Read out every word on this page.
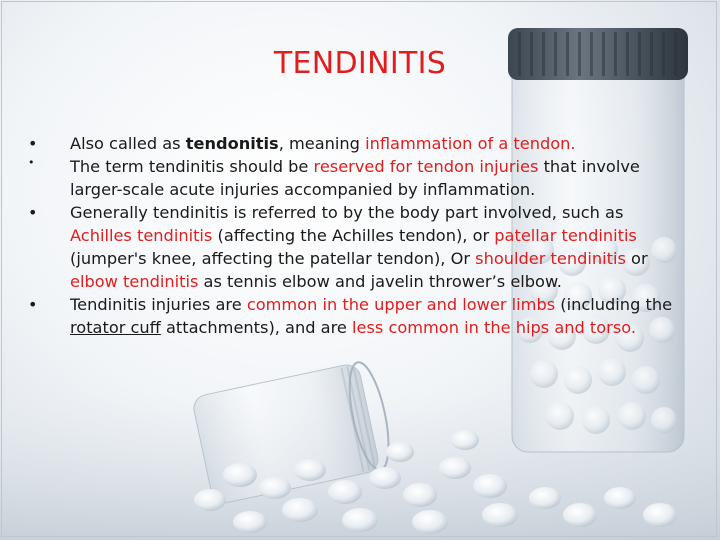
TENDINITIS
• Also called as tendonitis, meaning inflammation of a tendon.
•	The term tendinitis should be reserved for tendon injuries that involve larger-scale acute injuries accompanied by inflammation.
• Generally tendinitis is referred to by the body part involved, such as Achilles tendinitis (affecting the Achilles tendon), or patellar tendinitis (jumper's knee, affecting the patellar tendon), Or shoulder tendinitis or elbow tendinitis as tennis elbow and javelin thrower’s elbow.
• Tendinitis injuries are common in the upper and lower limbs (including the rotator cuff attachments), and are less common in the hips and torso.
